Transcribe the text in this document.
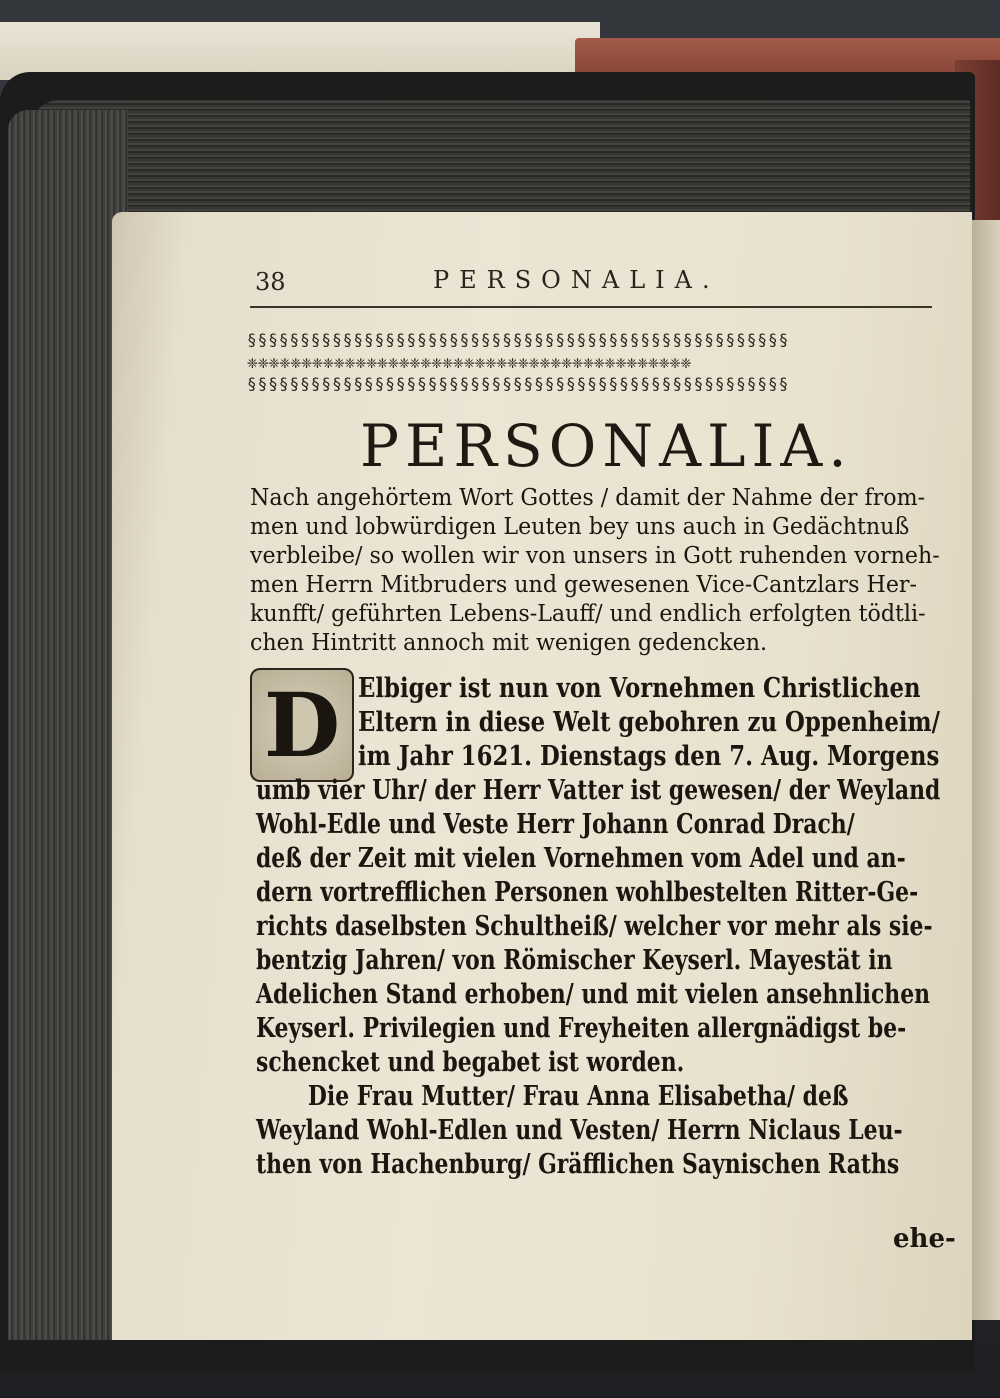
38	PERSONALIA.
§§§§§§§§§§§§§§§§§§§§§§§§§§§§§§§§§§§§§§§§§§§§§§§§§§§
❈❈❈❈❈❈❈❈❈❈❈❈❈❈❈❈❈❈❈❈❈❈❈❈❈❈❈❈❈❈❈❈❈❈❈❈❈❈❈❈❈
§§§§§§§§§§§§§§§§§§§§§§§§§§§§§§§§§§§§§§§§§§§§§§§§§§§
PERSONALIA.
Nach angehörtem Wort Gottes / damit der Nahme der from-
men und lobwürdigen Leuten bey uns auch in Gedächtnuß
verbleibe/ so wollen wir von unsers in Gott ruhenden vorneh-
men Herrn Mitbruders und gewesenen Vice-Cantzlars Her-
kunfft/ geführten Lebens-Lauff/ und endlich erfolgten tödtli-
chen Hintritt annoch mit wenigen gedencken.
D Elbiger ist nun von Vornehmen Christlichen
Eltern in diese Welt gebohren zu Oppenheim/
im Jahr 1621. Dienstags den 7. Aug. Morgens
umb vier Uhr/ der Herr Vatter ist gewesen/ der Weyland
Wohl-Edle und Veste Herr Johann Conrad Drach/
deß der Zeit mit vielen Vornehmen vom Adel und an-
dern vortrefflichen Personen wohlbestelten Ritter-Ge-
richts daselbsten Schultheiß/ welcher vor mehr als sie-
bentzig Jahren/ von Römischer Keyserl. Mayestät in
Adelichen Stand erhoben/ und mit vielen ansehnlichen
Keyserl. Privilegien und Freyheiten allergnädigst be-
schencket und begabet ist worden.
Die Frau Mutter/ Frau Anna Elisabetha/ deß
Weyland Wohl-Edlen und Vesten/ Herrn Niclaus Leu-
then von Hachenburg/ Gräfflichen Saynischen Raths
ehe-
